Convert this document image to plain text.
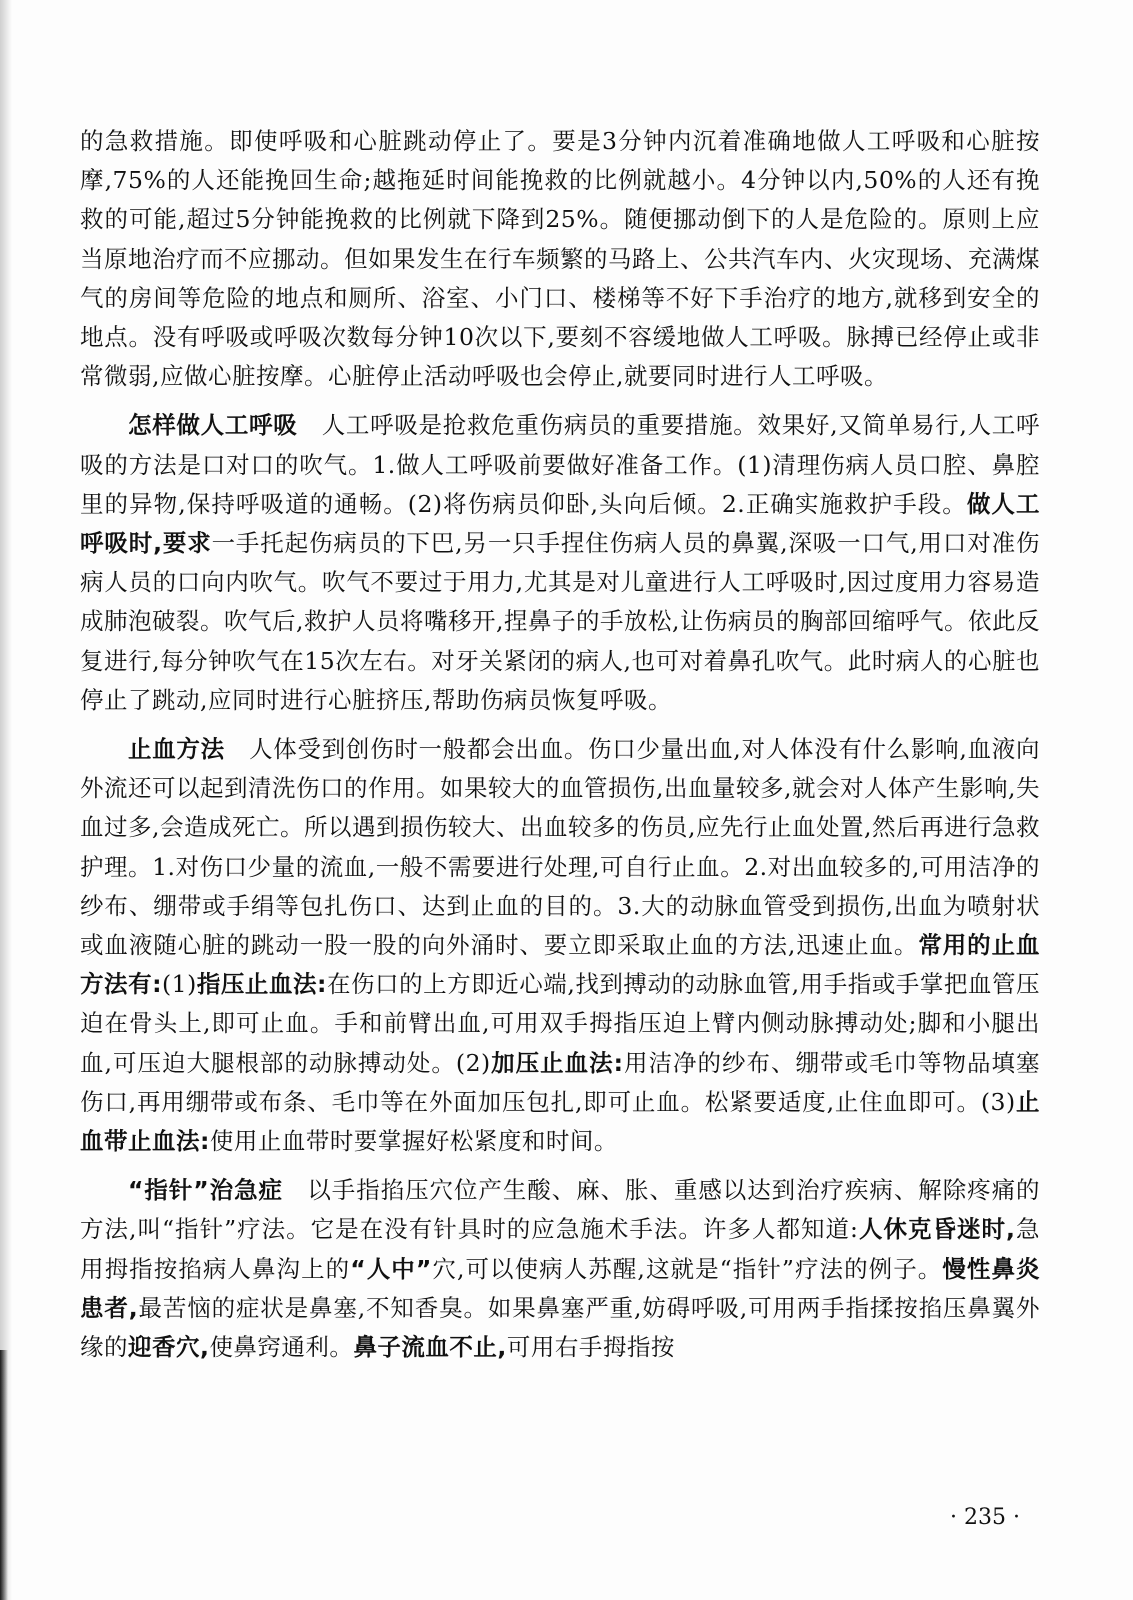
的急救措施。即使呼吸和心脏跳动停止了。要是3分钟内沉着准确地做人工呼吸和心脏按摩,75%的人还能挽回生命;越拖延时间能挽救的比例就越小。4分钟以内,50%的人还有挽救的可能,超过5分钟能挽救的比例就下降到25%。随便挪动倒下的人是危险的。原则上应当原地治疗而不应挪动。但如果发生在行车频繁的马路上、公共汽车内、火灾现场、充满煤气的房间等危险的地点和厕所、浴室、小门口、楼梯等不好下手治疗的地方,就移到安全的地点。没有呼吸或呼吸次数每分钟10次以下,要刻不容缓地做人工呼吸。脉搏已经停止或非常微弱,应做心脏按摩。心脏停止活动呼吸也会停止,就要同时进行人工呼吸。

怎样做人工呼吸　人工呼吸是抢救危重伤病员的重要措施。效果好,又简单易行,人工呼吸的方法是口对口的吹气。1.做人工呼吸前要做好准备工作。(1)清理伤病人员口腔、鼻腔里的异物,保持呼吸道的通畅。(2)将伤病员仰卧,头向后倾。2.正确实施救护手段。做人工呼吸时,要求一手托起伤病员的下巴,另一只手捏住伤病人员的鼻翼,深吸一口气,用口对准伤病人员的口向内吹气。吹气不要过于用力,尤其是对儿童进行人工呼吸时,因过度用力容易造成肺泡破裂。吹气后,救护人员将嘴移开,捏鼻子的手放松,让伤病员的胸部回缩呼气。依此反复进行,每分钟吹气在15次左右。对牙关紧闭的病人,也可对着鼻孔吹气。此时病人的心脏也停止了跳动,应同时进行心脏挤压,帮助伤病员恢复呼吸。

止血方法　人体受到创伤时一般都会出血。伤口少量出血,对人体没有什么影响,血液向外流还可以起到清洗伤口的作用。如果较大的血管损伤,出血量较多,就会对人体产生影响,失血过多,会造成死亡。所以遇到损伤较大、出血较多的伤员,应先行止血处置,然后再进行急救护理。1.对伤口少量的流血,一般不需要进行处理,可自行止血。2.对出血较多的,可用洁净的纱布、绷带或手绢等包扎伤口、达到止血的目的。3.大的动脉血管受到损伤,出血为喷射状或血液随心脏的跳动一股一股的向外涌时、要立即采取止血的方法,迅速止血。常用的止血方法有:(1)指压止血法:在伤口的上方即近心端,找到搏动的动脉血管,用手指或手掌把血管压迫在骨头上,即可止血。手和前臂出血,可用双手拇指压迫上臂内侧动脉搏动处;脚和小腿出血,可压迫大腿根部的动脉搏动处。(2)加压止血法:用洁净的纱布、绷带或毛巾等物品填塞伤口,再用绷带或布条、毛巾等在外面加压包扎,即可止血。松紧要适度,止住血即可。(3)止血带止血法:使用止血带时要掌握好松紧度和时间。

“指针”治急症　以手指掐压穴位产生酸、麻、胀、重感以达到治疗疾病、解除疼痛的方法,叫“指针”疗法。它是在没有针具时的应急施术手法。许多人都知道:人休克昏迷时,急用拇指按掐病人鼻沟上的“人中”穴,可以使病人苏醒,这就是“指针”疗法的例子。慢性鼻炎患者,最苦恼的症状是鼻塞,不知香臭。如果鼻塞严重,妨碍呼吸,可用两手指揉按掐压鼻翼外缘的迎香穴,使鼻窍通利。鼻子流血不止,可用右手拇指按

· 235 ·
